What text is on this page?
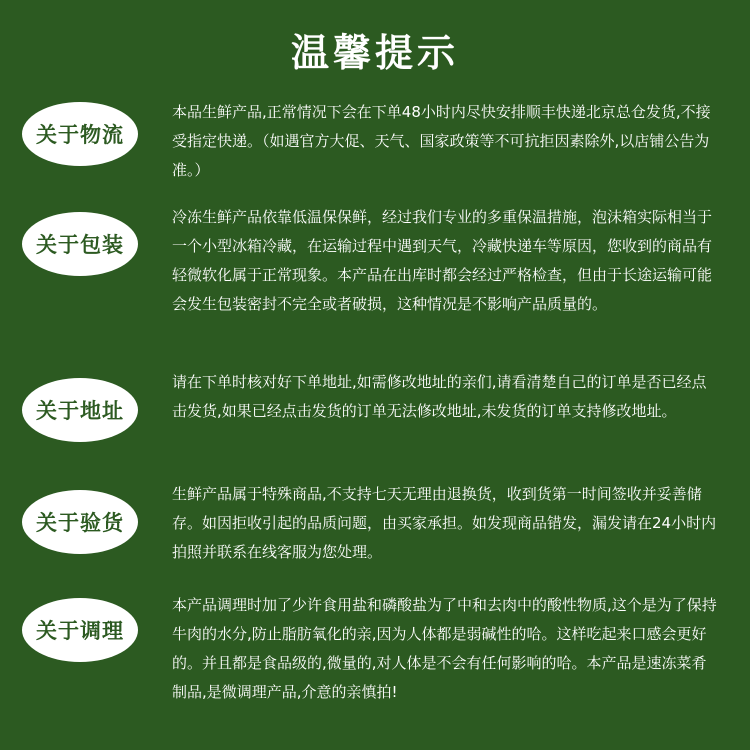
温馨提示
关于物流
本品生鲜产品,正常情况下会在下单48小时内尽快安排顺丰快递北京总仓发货,不接受指定快递。（如遇官方大促、天气、国家政策等不可抗拒因素除外,以店铺公告为准。）
关于包装
冷冻生鲜产品依靠低温保保鲜，经过我们专业的多重保温措施，泡沫箱实际相当于一个小型冰箱冷藏，在运输过程中遇到天气，冷藏快递车等原因，您收到的商品有轻微软化属于正常现象。本产品在出库时都会经过严格检查，但由于长途运输可能会发生包装密封不完全或者破损，这种情况是不影响产品质量的。
关于地址
请在下单时核对好下单地址,如需修改地址的亲们,请看清楚自己的订单是否已经点击发货,如果已经点击发货的订单无法修改地址,未发货的订单支持修改地址。
关于验货
生鲜产品属于特殊商品,不支持七天无理由退换货，收到货第一时间签收并妥善储存。如因拒收引起的品质问题，由买家承担。如发现商品错发，漏发请在24小时内拍照并联系在线客服为您处理。
关于调理
本产品调理时加了少许食用盐和磷酸盐为了中和去肉中的酸性物质,这个是为了保持牛肉的水分,防止脂肪氧化的亲,因为人体都是弱碱性的哈。这样吃起来口感会更好的。并且都是食品级的,微量的,对人体是不会有任何影响的哈。本产品是速冻菜肴制品,是微调理产品,介意的亲慎拍!
